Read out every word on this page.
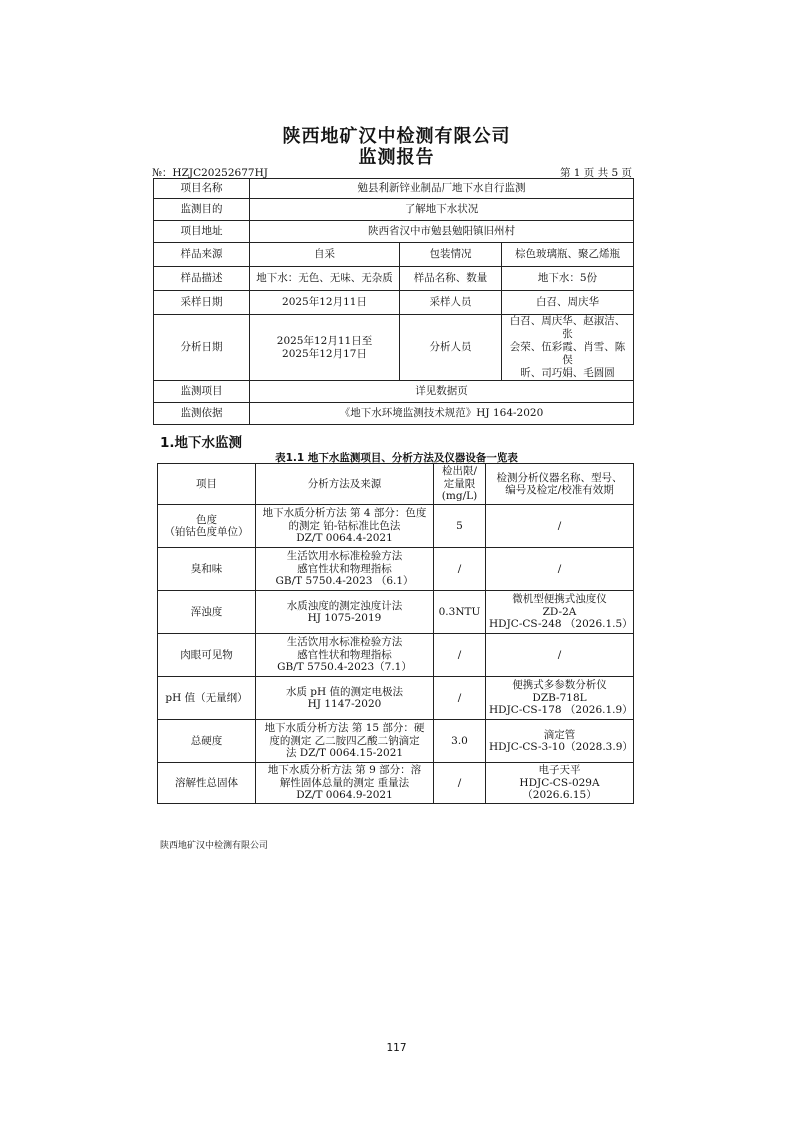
陕西地矿汉中检测有限公司
监测报告
№：HZJC20252677HJ	第 1 页 共 5 页
项目名称	勉县利新锌业制品厂地下水自行监测		
监测目的	了解地下水状况		
项目地址	陕西省汉中市勉县勉阳镇旧州村		
样品来源	自采	包装情况	棕色玻璃瓶、聚乙烯瓶
样品描述	地下水：无色、无味、无杂质	样品名称、数量	地下水：5份
采样日期	2025年12月11日	采样人员	白召、周庆华
分析日期	2025年12月11日至
2025年12月17日	分析人员	白召、周庆华、赵淑洁、张
会荣、伍彩霞、肖雪、陈俣
昕、司巧娟、毛圆圆

监测项目	详见数据页		
监测依据	《地下水环境监测技术规范》HJ 164-2020		
1.地下水监测
表1.1 地下水监测项目、分析方法及仪器设备一览表
项目	分析方法及来源	检出限/
定量限
(mg/L)	检测分析仪器名称、型号、
编号及检定/校准有效期

色度
（铂钴色度单位）	地下水质分析方法 第 4 部分：色度
的测定 铂-钴标准比色法
DZ/T 0064.4-2021	5	/

臭和味	生活饮用水标准检验方法
感官性状和物理指标
GB/T 5750.4-2023 （6.1）	/	/

浑浊度	水质浊度的测定浊度计法
HJ 1075-2019	0.3NTU	微机型便携式浊度仪
ZD-2A
HDJC-CS-248 （2026.1.5）

肉眼可见物	生活饮用水标准检验方法
感官性状和物理指标
GB/T 5750.4-2023（7.1）	/	/

pH 值（无量纲）	水质 pH 值的测定电极法
HJ 1147-2020	/	便携式多参数分析仪
DZB-718L
HDJC-CS-178 （2026.1.9）

总硬度	地下水质分析方法 第 15 部分：硬
度的测定 乙二胺四乙酸二钠滴定
法 DZ/T 0064.15-2021	3.0	滴定管
HDJC-CS-3-10（2028.3.9）

溶解性总固体	地下水质分析方法 第 9 部分：溶
解性固体总量的测定 重量法
DZ/T 0064.9-2021	/	电子天平
HDJC-CS-029A （2026.6.15）
陕西地矿汉中检测有限公司
117
